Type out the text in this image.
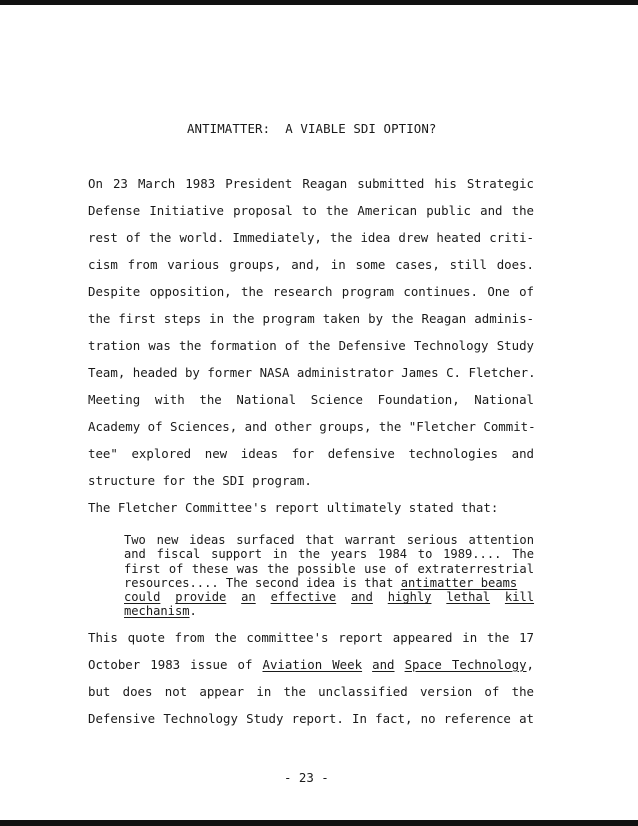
ANTIMATTER:  A VIABLE SDI OPTION?
On 23 March 1983 President Reagan submitted his Strategic
Defense Initiative proposal to the American public and the
rest of the world. Immediately, the idea drew heated criti-
cism from various groups, and, in some cases, still does.
Despite opposition, the research program continues. One of
the first steps in the program taken by the Reagan adminis-
tration was the formation of the Defensive Technology Study
Team, headed by former NASA administrator James C. Fletcher.
Meeting with the National Science Foundation, National
Academy of Sciences, and other groups, the "Fletcher Commit-
tee" explored new ideas for defensive technologies and
structure for the SDI program.
The Fletcher Committee's report ultimately stated that:
Two new ideas surfaced that warrant serious attention
and fiscal support in the years 1984 to 1989.... The
first of these was the possible use of extraterrestrial
resources.... The second idea is that antimatter beams
could provide an effective and highly lethal kill
mechanism.
This quote from the committee's report appeared in the 17
October 1983 issue of Aviation Week and Space Technology,
but does not appear in the unclassified version of the
Defensive Technology Study report. In fact, no reference at
- 23 -
